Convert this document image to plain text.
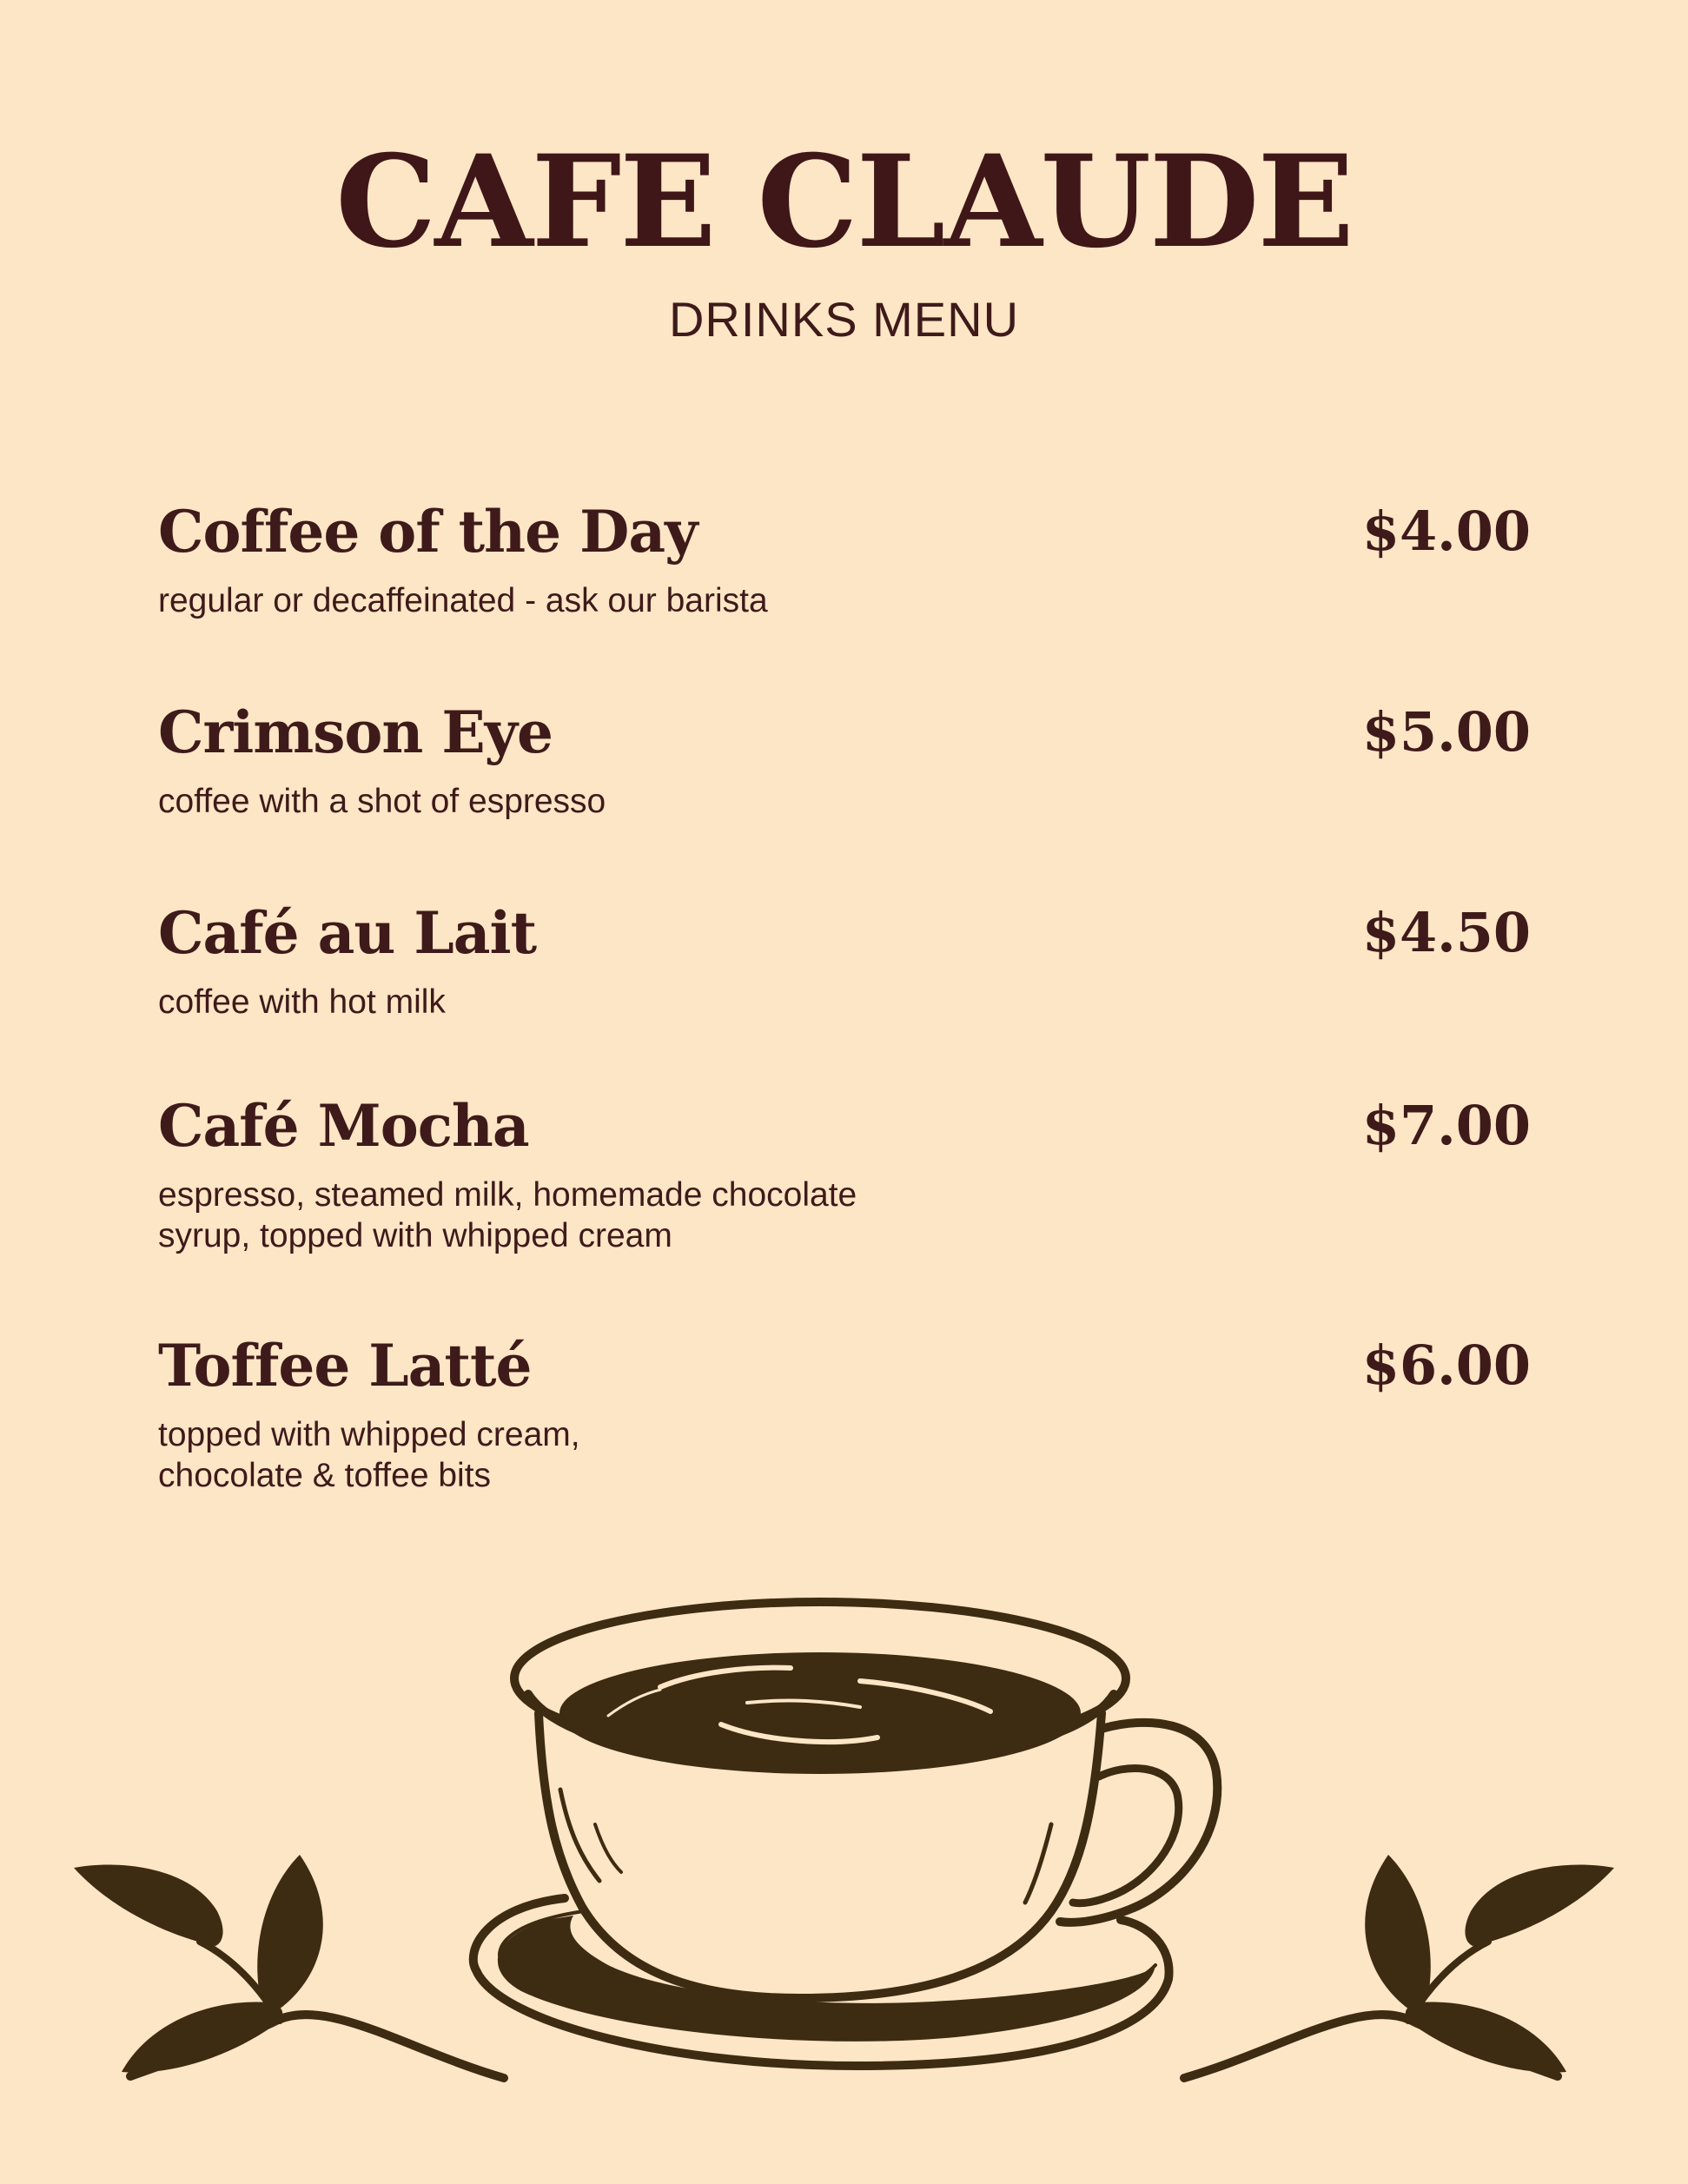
CAFE CLAUDE
DRINKS MENU
Coffee of the Day	$4.00
regular or decaffeinated - ask our barista
Crimson Eye	$5.00
coffee with a shot of espresso
Café au Lait	$4.50
coffee with hot milk
Café Mocha	$7.00
espresso, steamed milk, homemade chocolate
syrup, topped with whipped cream
Toffee Latté	$6.00
topped with whipped cream,
chocolate & toffee bits
